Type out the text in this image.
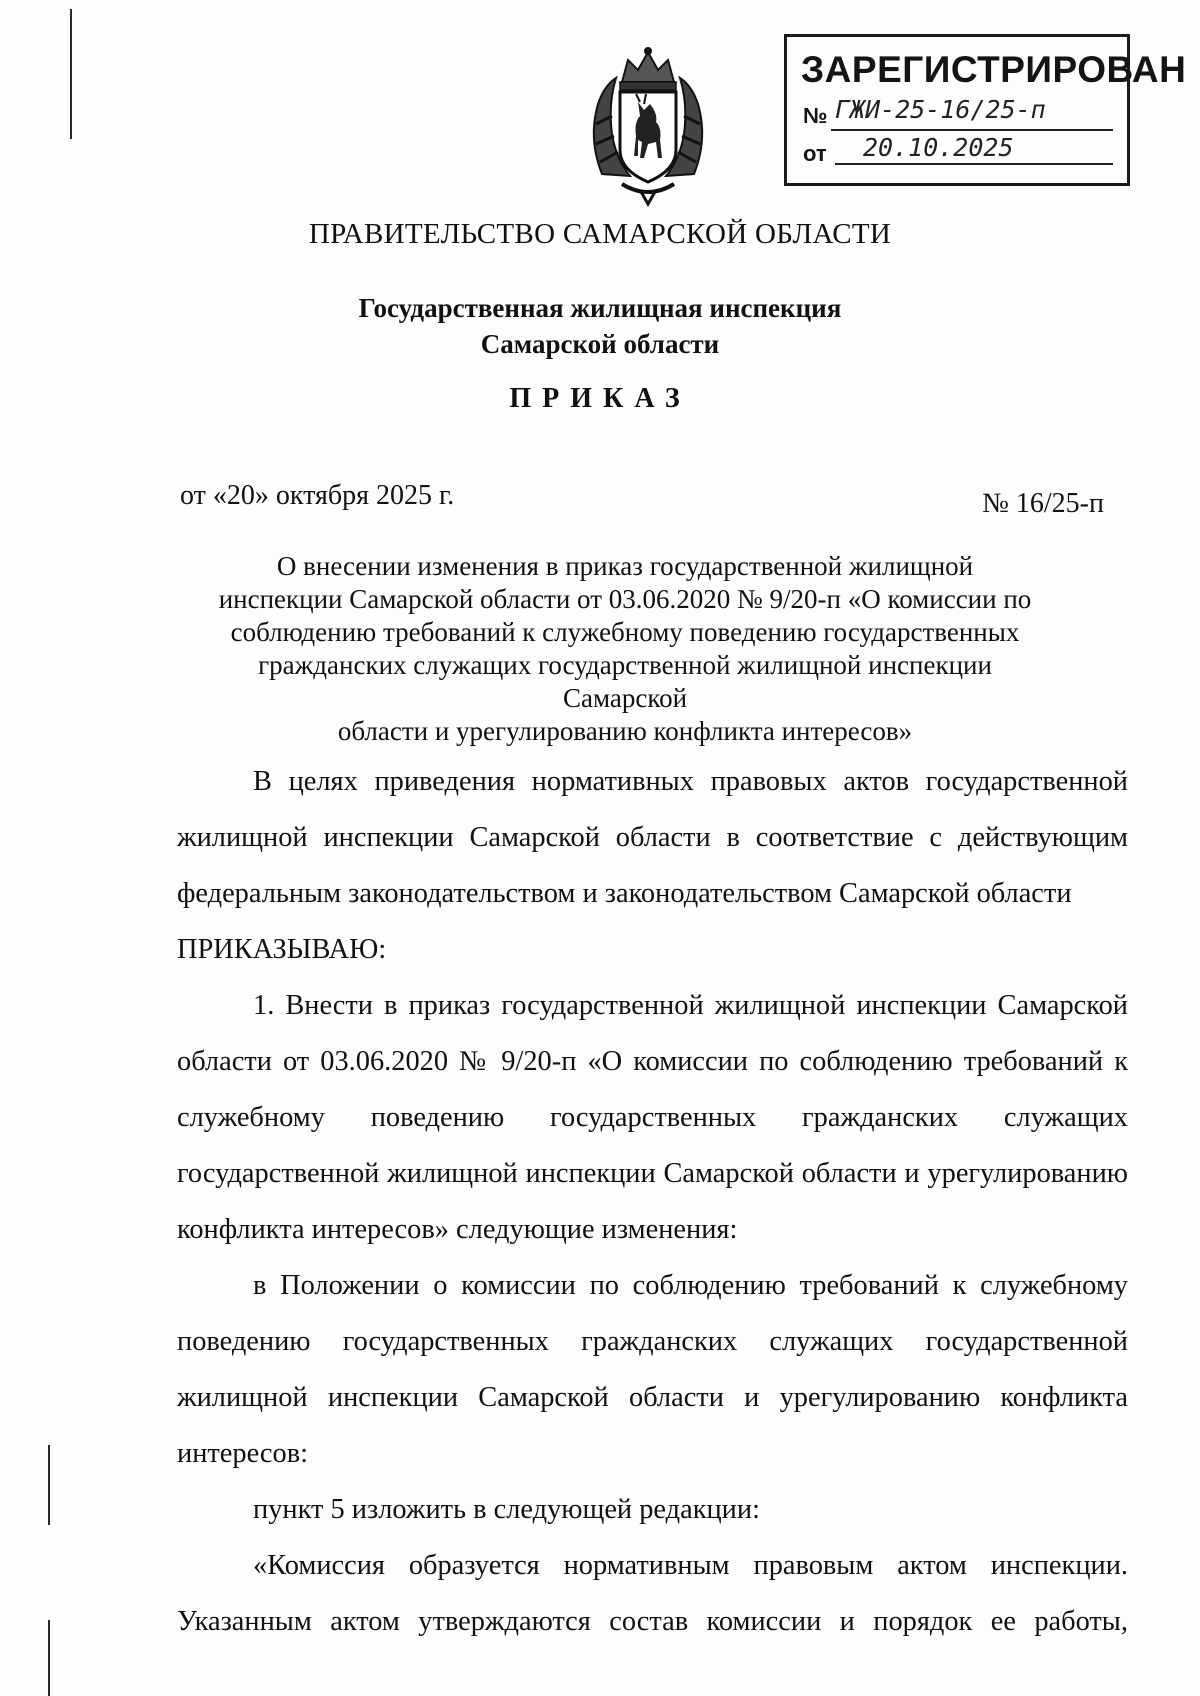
ЗАРЕГИСТРИРОВАН
№ ГЖИ-25-16/25-п
от 20.10.2025
ПРАВИТЕЛЬСТВО САМАРСКОЙ ОБЛАСТИ
Государственная жилищная инспекция
Самарской области
ПРИКАЗ
от «20» октября 2025 г.	№ 16/25-п
О внесении изменения в приказ государственной жилищной
инспекции Самарской области от 03.06.2020 № 9/20-п «О комиссии по
соблюдению требований к служебному поведению государственных
гражданских служащих государственной жилищной инспекции Самарской
области и урегулированию конфликта интересов»

В целях приведения нормативных правовых актов государственной жилищной инспекции Самарской области в соответствие с действующим федеральным законодательством и законодательством Самарской области

ПРИКАЗЫВАЮ:

1. Внести в приказ государственной жилищной инспекции Самарской области от 03.06.2020 № 9/20-п «О комиссии по соблюдению требований к служебному поведению государственных гражданских служащих государственной жилищной инспекции Самарской области и урегулированию конфликта интересов» следующие изменения:

в Положении о комиссии по соблюдению требований к служебному поведению государственных гражданских служащих государственной жилищной инспекции Самарской области и урегулированию конфликта интересов:

пункт 5 изложить в следующей редакции:

«Комиссия образуется нормативным правовым актом инспекции. Указанным актом утверждаются состав комиссии и порядок ее работы,
